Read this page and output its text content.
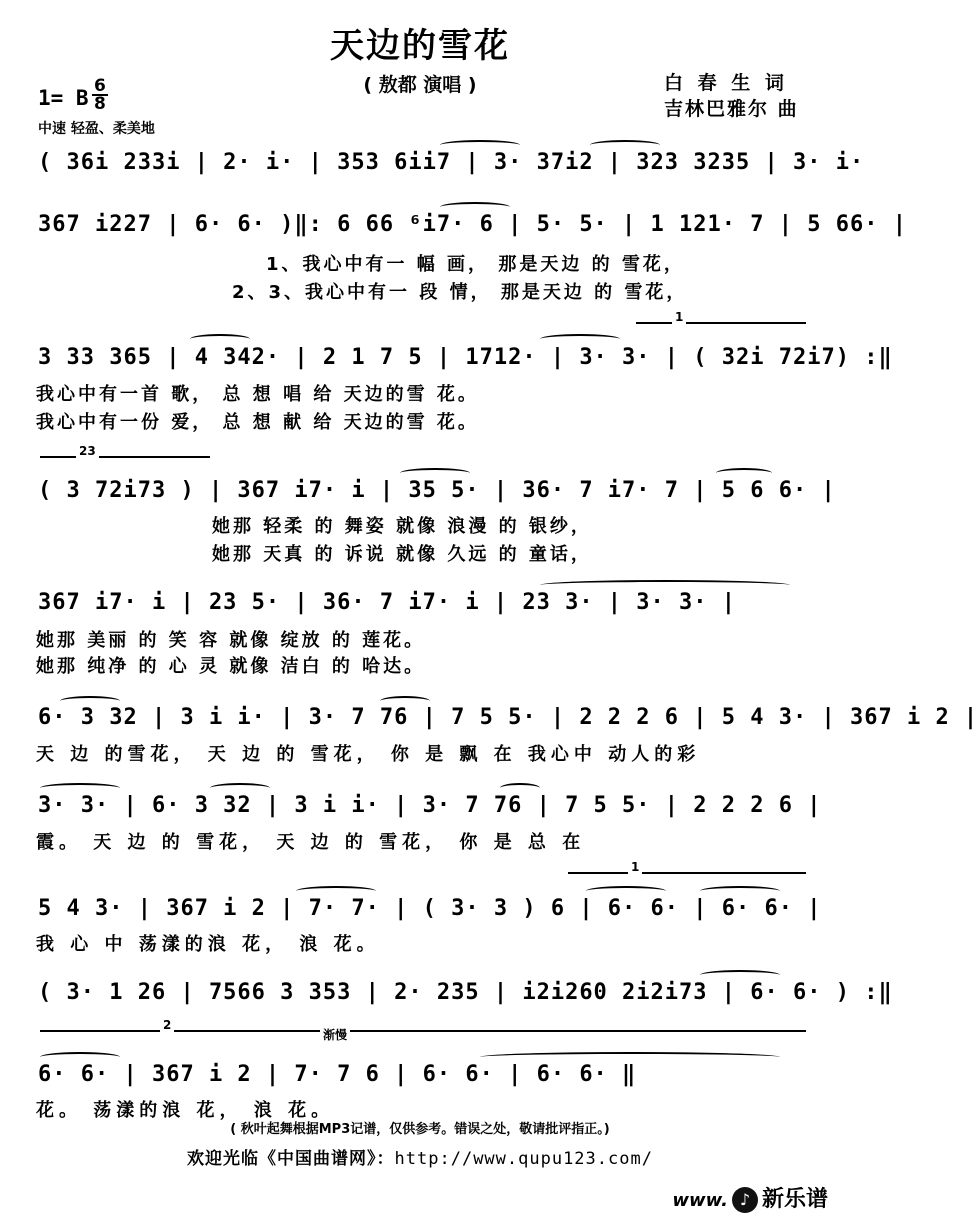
天边的雪花
( 敖都 演唱 )	白 春 生 词
吉林巴雅尔 曲
1= B 6
8
中速 轻盈、柔美地
( 36i 233i | 2· i· | 353 6ii7 | 3· 37i2 | 323 3235 | 3· i·
367 i227 | 6· 6· )‖: 6 66 ⁶i7· 6 | 5· 5· | 1 121· 7 | 5 66· |
1、我心中有一 幅 画， 那是天边 的 雪花，
2、3、我心中有一 段 情， 那是天边 的 雪花，
1
3 33 365 | 4 342· | 2 1 7 5 | 1712· | 3· 3· | ( 32i 72i7) :‖
我心中有一首 歌， 总 想 唱 给 天边的雪 花。
我心中有一份 爱， 总 想 献 给 天边的雪 花。
23
( 3 72i73 ) | 367 i7· i | 35 5· | 36· 7 i7· 7 | 5 6 6· |
她那 轻柔 的 舞姿 就像 浪漫 的 银纱，
她那 天真 的 诉说 就像 久远 的 童话，
367 i7· i | 23 5· | 36· 7 i7· i | 23 3· | 3· 3· |
她那 美丽 的 笑 容 就像 绽放 的 莲花。
她那 纯净 的 心 灵 就像 洁白 的 哈达。
6· 3 32 | 3 i i· | 3· 7 76 | 7 5 5· | 2 2 2 6 | 5 4 3· | 367 i 2 |
天 边 的雪花， 天 边 的 雪花， 你 是 飘 在 我心中 动人的彩
3· 3· | 6· 3 32 | 3 i i· | 3· 7 76 | 7 5 5· | 2 2 2 6 |
霞。 天 边 的 雪花， 天 边 的 雪花， 你 是 总 在
1
5 4 3· | 367 i 2 | 7· 7· | ( 3· 3 ) 6 | 6· 6· | 6· 6· |
我 心 中 荡漾的浪 花， 浪 花。
( 3· 1 26 | 7566 3 353 | 2· 235 | i2i260 2i2i73 | 6· 6· ) :‖
2
渐慢
6· 6· | 367 i 2 | 7· 7 6 | 6· 6· | 6· 6· ‖
花。 荡漾的浪 花， 浪 花。
( 秋叶起舞根据MP3记谱，仅供参考。错误之处，敬请批评指正。)
欢迎光临《中国曲谱网》：http://www.qupu123.com/
www. ♪ 新乐谱
